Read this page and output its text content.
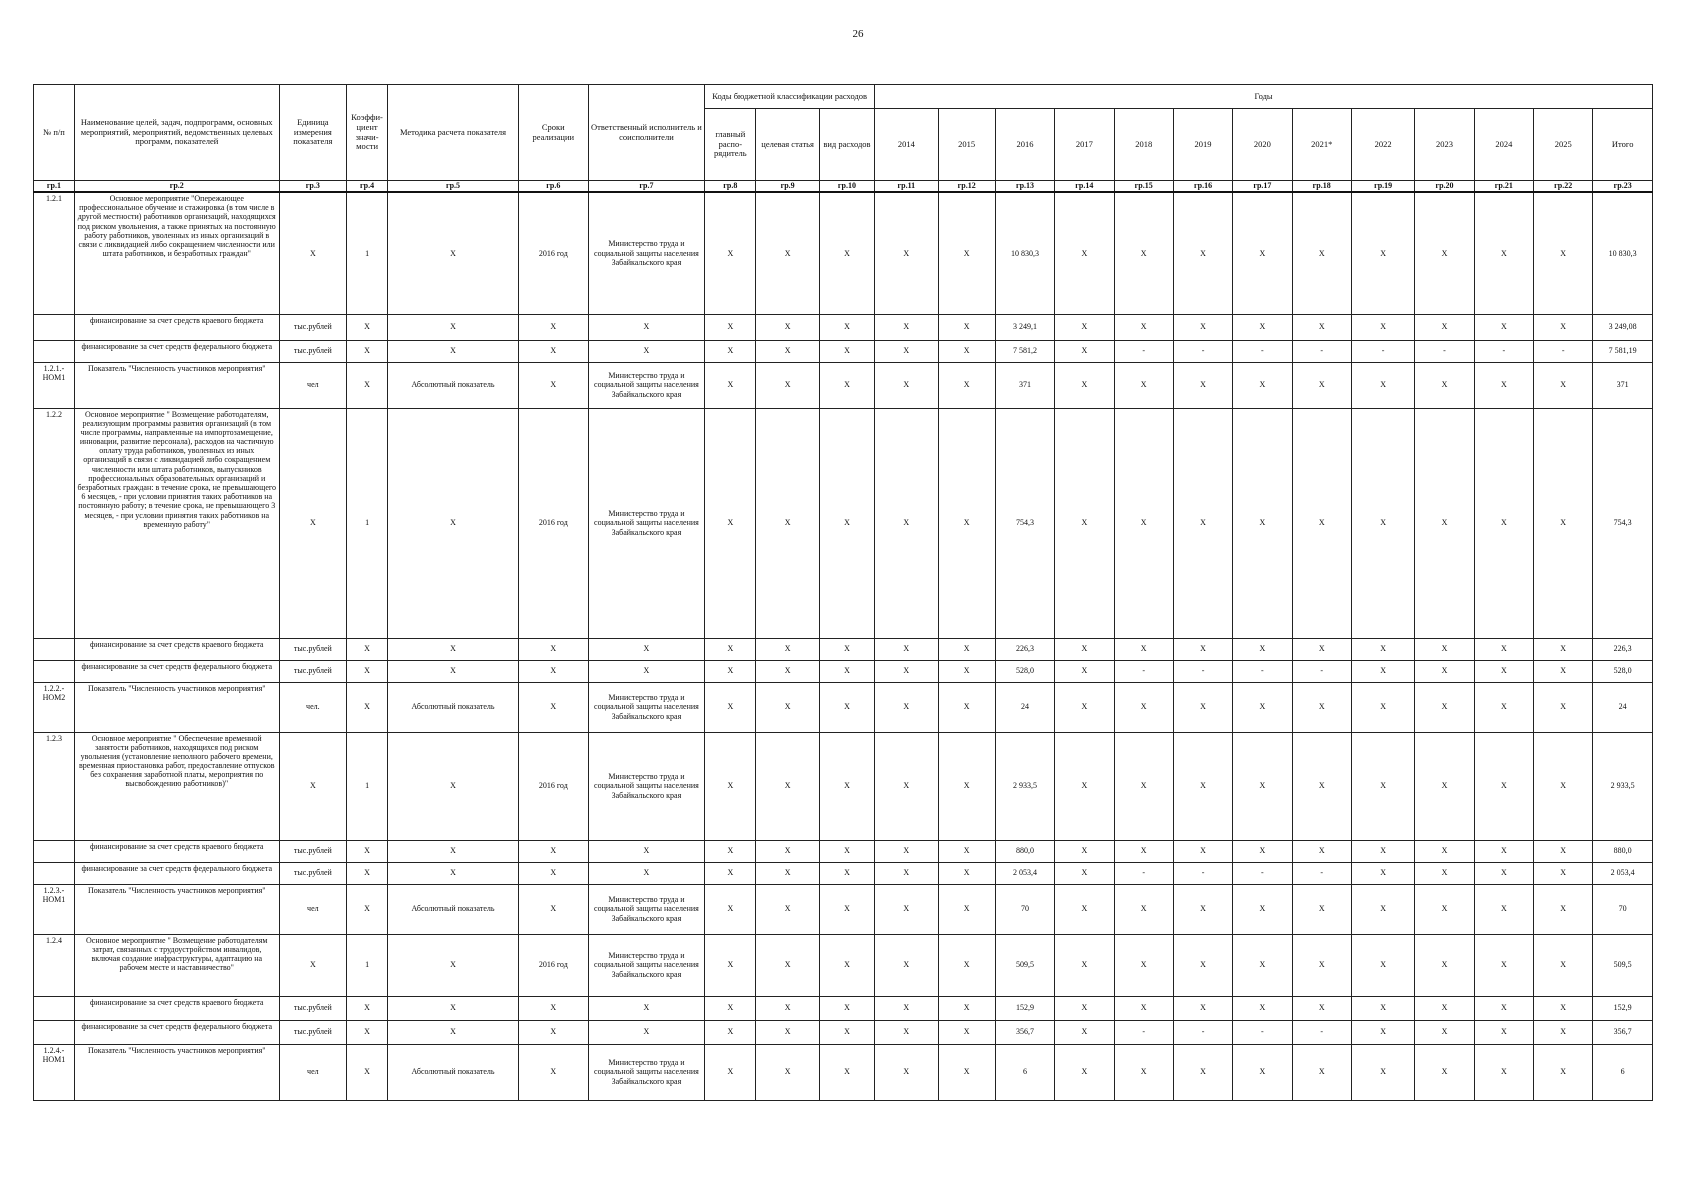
26
№ п/п	Наименование целей, задач, подпрограмм, основных мероприятий, мероприятий, ведомственных целевых программ, показателей	Единица измерения показателя	Коэффи-циент значи-мости	Методика расчета показателя	Сроки реализации	Ответственный исполнитель и соисполнители	Коды бюджетной классификации расходов			Годы												
							главный распо-рядитель	целевая статья	вид расходов	2014	2015	2016	2017	2018	2019	2020	2021*	2022	2023	2024	2025	Итого
гр.1	гр.2	гр.3	гр.4	гр.5	гр.6	гр.7	гр.8	гр.9	гр.10	гр.11	гр.12	гр.13	гр.14	гр.15	гр.16	гр.17	гр.18	гр.19	гр.20	гр.21	гр.22	гр.23
1.2.1	Основное мероприятие "Опережающее профессиональное обучение и стажировка (в том числе в другой местности) работников организаций, находящихся под риском увольнения, а также принятых на постоянную работу работников, уволенных из иных организаций в связи с ликвидацией либо сокращением численности или штата работников, и безработных граждан"	X	1	X	2016 год	Министерство труда и социальной защиты населения Забайкальского края	X	X	X	X	X	10 830,3	X	X	X	X	X	X	X	X	X	10 830,3
	финансирование за счет средств краевого бюджета	тыс.рублей	X	X	X	X	X	X	X	X	X	3 249,1	X	X	X	X	X	X	X	X	X	3 249,08
	финансирование за счет средств федерального бюджета	тыс.рублей	X	X	X	X	X	X	X	X	X	7 581,2	X	-	-	-	-	-	-	-	-	7 581,19
1.2.1.-НОМ1	Показатель "Численность участников мероприятия"	чел	X	Абсолютный показатель	X	Министерство труда и социальной защиты населения Забайкальского края	X	X	X	X	X	371	X	X	X	X	X	X	X	X	X	371
1.2.2	Основное мероприятие " Возмещение работодателям, реализующим программы развития организаций (в том числе программы, направленные на импортозамещение, инновации, развитие персонала), расходов на частичную оплату труда работников, уволенных из иных организаций в связи с ликвидацией либо сокращением численности или штата работников, выпускников профессиональных образовательных организаций и безработных граждан: в течение срока, не превышающего 6 месяцев, - при условии принятия таких работников на постоянную работу; в течение срока, не превышающего 3 месяцев, - при условии принятия таких работников на временную работу"	X	1	X	2016 год	Министерство труда и социальной защиты населения Забайкальского края	X	X	X	X	X	754,3	X	X	X	X	X	X	X	X	X	754,3
	финансирование за счет средств краевого бюджета	тыс.рублей	X	X	X	X	X	X	X	X	X	226,3	X	X	X	X	X	X	X	X	X	226,3
	финансирование за счет средств федерального бюджета	тыс.рублей	X	X	X	X	X	X	X	X	X	528,0	X	-	-	-	-	X	X	X	X	528,0
1.2.2.-НОМ2	Показатель "Численность участников мероприятия"	чел.	X	Абсолютный показатель	X	Министерство труда и социальной защиты населения Забайкальского края	X	X	X	X	X	24	X	X	X	X	X	X	X	X	X	24
1.2.3	Основное мероприятие " Обеспечение временной занятости работников, находящихся под риском увольнения (установление неполного рабочего времени, временная приостановка работ, предоставление отпусков без сохранения заработной платы, мероприятия по высвобождению работников)"	X	1	X	2016 год	Министерство труда и социальной защиты населения Забайкальского края	X	X	X	X	X	2 933,5	X	X	X	X	X	X	X	X	X	2 933,5
	финансирование за счет средств краевого бюджета	тыс.рублей	X	X	X	X	X	X	X	X	X	880,0	X	X	X	X	X	X	X	X	X	880,0
	финансирование за счет средств федерального бюджета	тыс.рублей	X	X	X	X	X	X	X	X	X	2 053,4	X	-	-	-	-	X	X	X	X	2 053,4
1.2.3.-НОМ1	Показатель "Численность участников мероприятия"	чел	X	Абсолютный показатель	X	Министерство труда и социальной защиты населения Забайкальского края	X	X	X	X	X	70	X	X	X	X	X	X	X	X	X	70
1.2.4	Основное мероприятие " Возмещение работодателям затрат, связанных с трудоустройством инвалидов, включая создание инфраструктуры, адаптацию на рабочем месте и наставничество"	X	1	X	2016 год	Министерство труда и социальной защиты населения Забайкальского края	X	X	X	X	X	509,5	X	X	X	X	X	X	X	X	X	509,5
	финансирование за счет средств краевого бюджета	тыс.рублей	X	X	X	X	X	X	X	X	X	152,9	X	X	X	X	X	X	X	X	X	152,9
	финансирование за счет средств федерального бюджета	тыс.рублей	X	X	X	X	X	X	X	X	X	356,7	X	-	-	-	-	X	X	X	X	356,7
1.2.4.-НОМ1	Показатель "Численность участников мероприятия"	чел	X	Абсолютный показатель	X	Министерство труда и социальной защиты населения Забайкальского края	X	X	X	X	X	6	X	X	X	X	X	X	X	X	X	6
